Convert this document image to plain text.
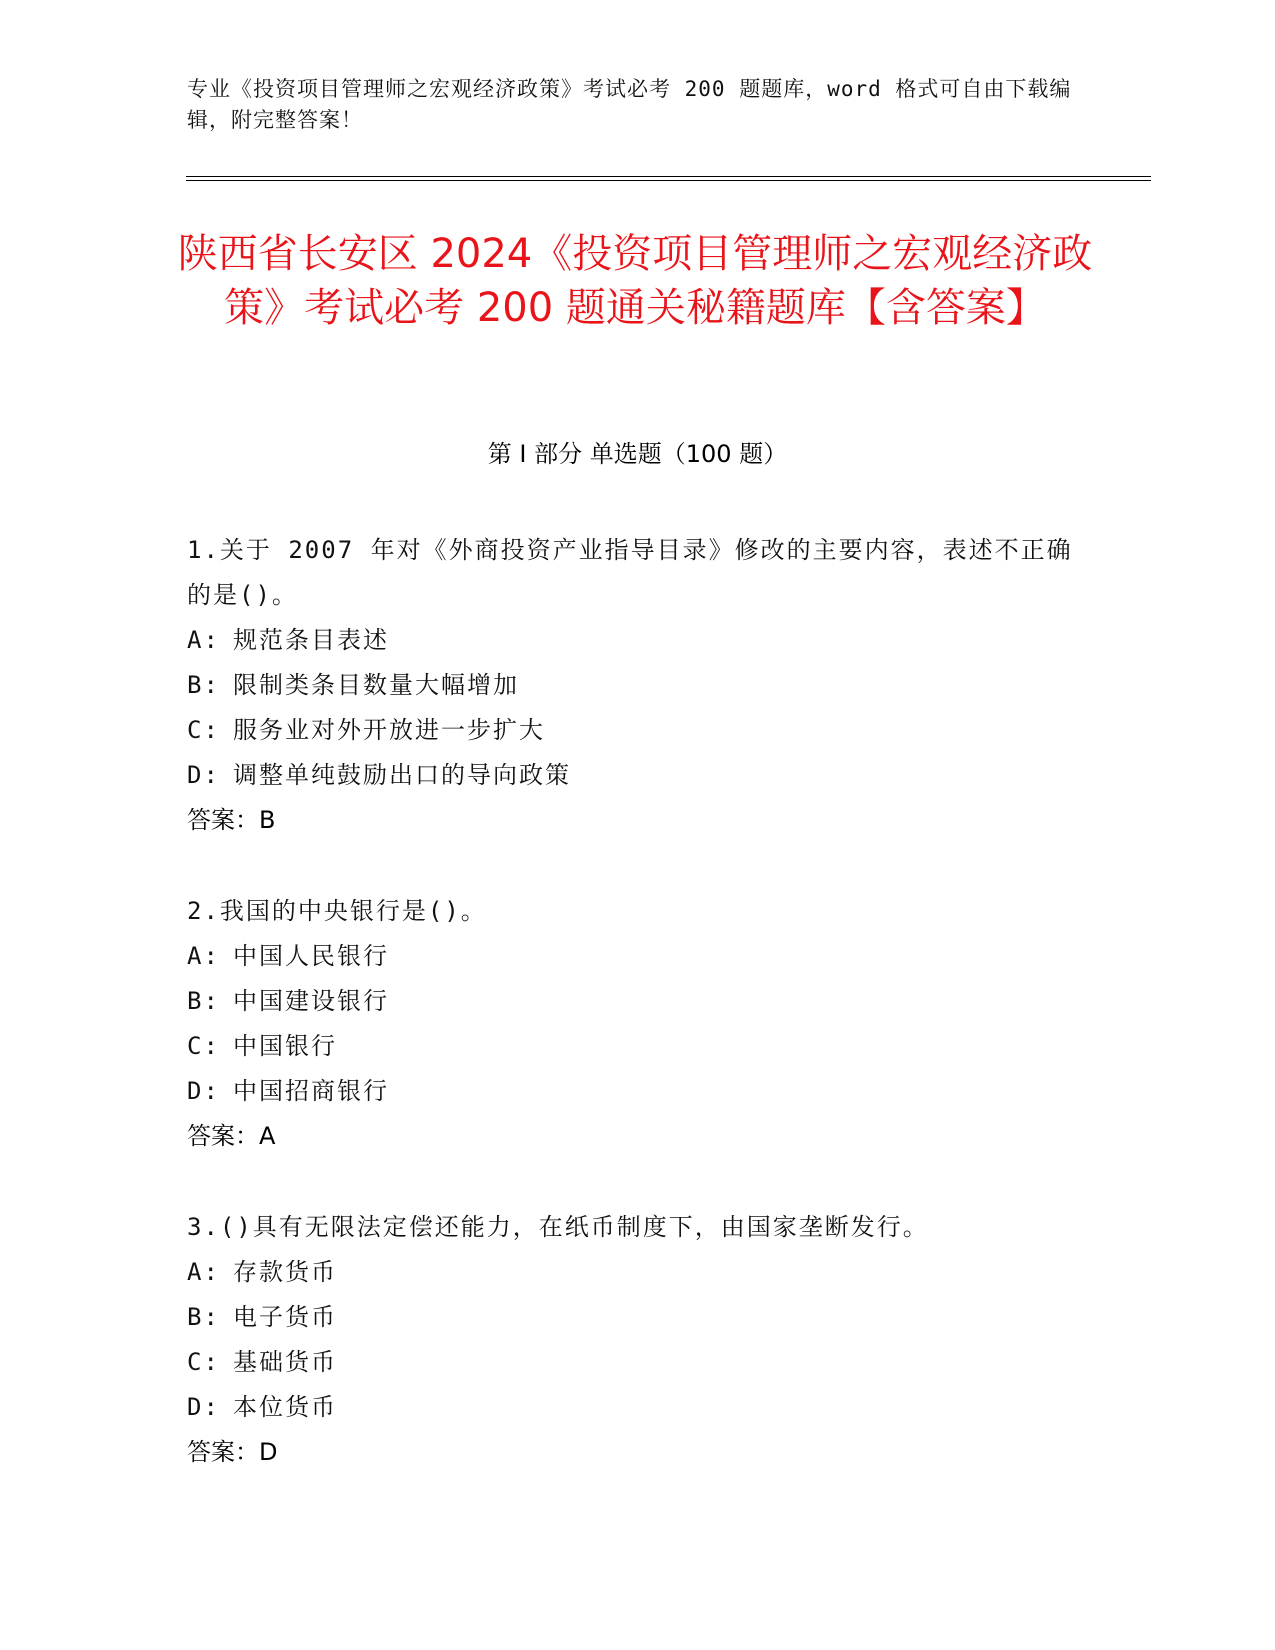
专业《投资项目管理师之宏观经济政策》考试必考 200 题题库，word 格式可自由下载编辑，附完整答案！
陕西省长安区 2024《投资项目管理师之宏观经济政策》考试必考 200 题通关秘籍题库【含答案】
第 I 部分 单选题（100 题）
1.关于 2007 年对《外商投资产业指导目录》修改的主要内容，表述不正确的是()。
A: 规范条目表述
B: 限制类条目数量大幅增加
C: 服务业对外开放进一步扩大
D: 调整单纯鼓励出口的导向政策
答案：B
2.我国的中央银行是()。
A: 中国人民银行
B: 中国建设银行
C: 中国银行
D: 中国招商银行
答案：A
3.()具有无限法定偿还能力，在纸币制度下，由国家垄断发行。
A: 存款货币
B: 电子货币
C: 基础货币
D: 本位货币
答案：D
